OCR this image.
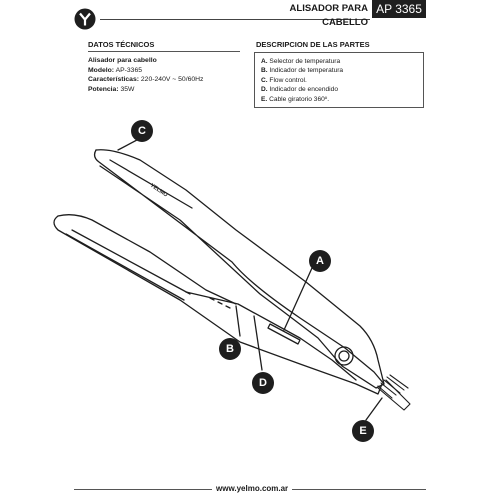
ALISADOR PARA CABELLO
AP 3365
DATOS TÉCNICOS
Alisador para cabello
Modelo: AP-3365
Características: 220-240V ~ 50/60Hz
Potencia: 35W
DESCRIPCION DE LAS PARTES
A. Selector de temperatura
B. Indicador de temperatura
C. Flow control.
D. Indicador de encendido
E. Cable giratorio 360º.
YELMO
C
A
B
D
E
www.yelmo.com.ar
